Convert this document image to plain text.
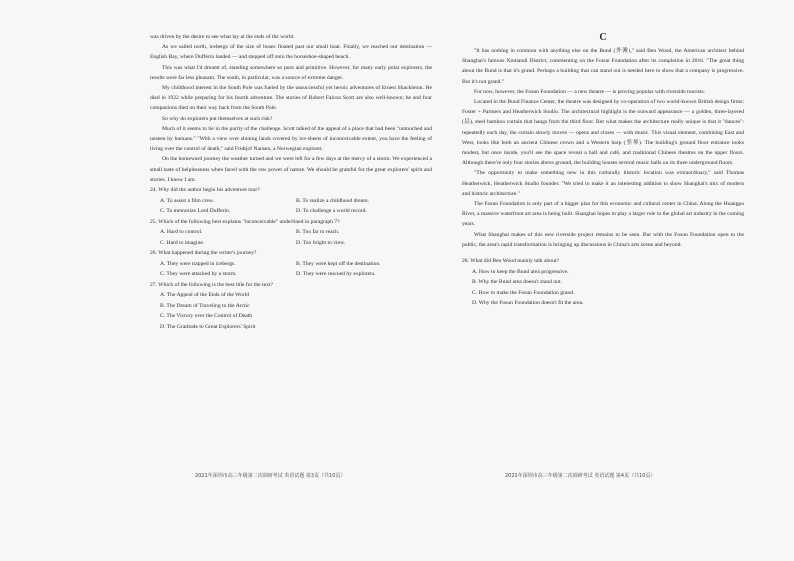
was driven by the desire to see what lay at the ends of the world.

As we sailed north, icebergs of the size of buses floated past our small boat. Finally, we reached our destination — English Bay, where Dufferin landed — and stepped off onto the horseshoe-shaped beach.

This was what I'd dreamt of, standing somewhere so pure and primitive. However, for many early polar explorers, the results were far less pleasant. The south, in particular, was a source of extreme danger.

My childhood interest in the South Pole was fueled by the unsuccessful yet heroic adventures of Ernest Shackleton. He died in 1922 while preparing for his fourth adventure. The stories of Robert Falcon Scott are also well-known; he and four companions died on their way back from the South Pole.

So why do explorers put themselves at such risk?

Much of it seems to lie in the purity of the challenge. Scott talked of the appeal of a place that had been "untouched and unseen by humans." "With a view over shining lands covered by ice-sheets of inconceivable extent, you have the feeling of living over the control of death," said Fridtjof Nansen, a Norwegian explorer.

On the homeward journey the weather turned and we were left for a few days at the mercy of a storm. We experienced a small taste of helplessness when faced with the raw power of nature. We should be grateful for the great explorers' spirit and stories. I know I am.

24. Why did the author begin his adventure tour?

A. To assist a film crew.	B. To realize a childhood dream.
C. To memorize Lord Dufferin.	D. To challenge a world record.

25. Which of the following best explains "inconceivable" underlined in paragraph 7?

A. Hard to control.	B. Too far to reach.
C. Hard to imagine.	D. Too bright to view.

26. What happened during the writer's journey?

A. They were trapped in icebergs.	B. They were kept off the destination.
C. They were attacked by a storm.	D. They were rescued by explorers.

27. Which of the following is the best title for the text?

A. The Appeal of the Ends of the World
B. The Dream of Traveling to the Arctic
C. The Victory over the Control of Death
D. The Gratitude to Great Explorers' Spirit
2021年深圳市高三年级第二次调研考试 英语试题 第3页（共10页）
C

"It has nothing in common with anything else on the Bund (外滩)," said Ben Wood, the American architect behind Shanghai's famous Xintiandi District, commenting on the Fosun Foundation after its completion in 2016. "The great thing about the Bund is that it's grand. Perhaps a building that can stand out is needed here to show that a company is progressive. But it's not grand."

For now, however, the Fosun Foundation — a new theatre — is proving popular with riverside tourists.

Located in the Bund Finance Center, the theatre was designed by co-operation of two world-known British design firms: Foster + Partners and Heatherwick Studio. The architectural highlight is the outward appearance — a golden, three-layered (层), steel bamboo curtain that hangs from the third floor. But what makes the architecture really unique is that it "dances": repeatedly each day, the curtain slowly moves — opens and closes — with music. This visual element, combining East and West, looks like both an ancient Chinese crown and a Western harp (竖琴). The building's ground floor entrance looks modest, but once inside, you'll see the space reveal a hall and café, and traditional Chinese theatres on the upper floors. Although there're only four stories above ground, the building houses several music halls on its three underground floors.

"The opportunity to make something new in this culturally historic location was extraordinary," said Thomas Heatherwick, Heatherwick Studio founder. "We tried to make it an interesting addition to show Shanghai's mix of modern and historic architecture."

The Fosun Foundation is only part of a bigger plan for this economic and cultural center in China. Along the Huangpu River, a massive waterfront art area is being built. Shanghai hopes to play a larger role in the global art industry in the coming years.

What Shanghai makes of this new riverside project remains to be seen. But with the Fosun Foundation open to the public, the area's rapid transformation is bringing up discussions in China's arts scene and beyond.

28. What did Ben Wood mainly talk about?

A. How to keep the Bund area progressive.
B. Why the Bund area doesn't stand out.
C. How to make the Fosun Foundation grand.
D. Why the Fosun Foundation doesn't fit the area.
2021年深圳市高三年级第二次调研考试 英语试题 第4页（共10页）
